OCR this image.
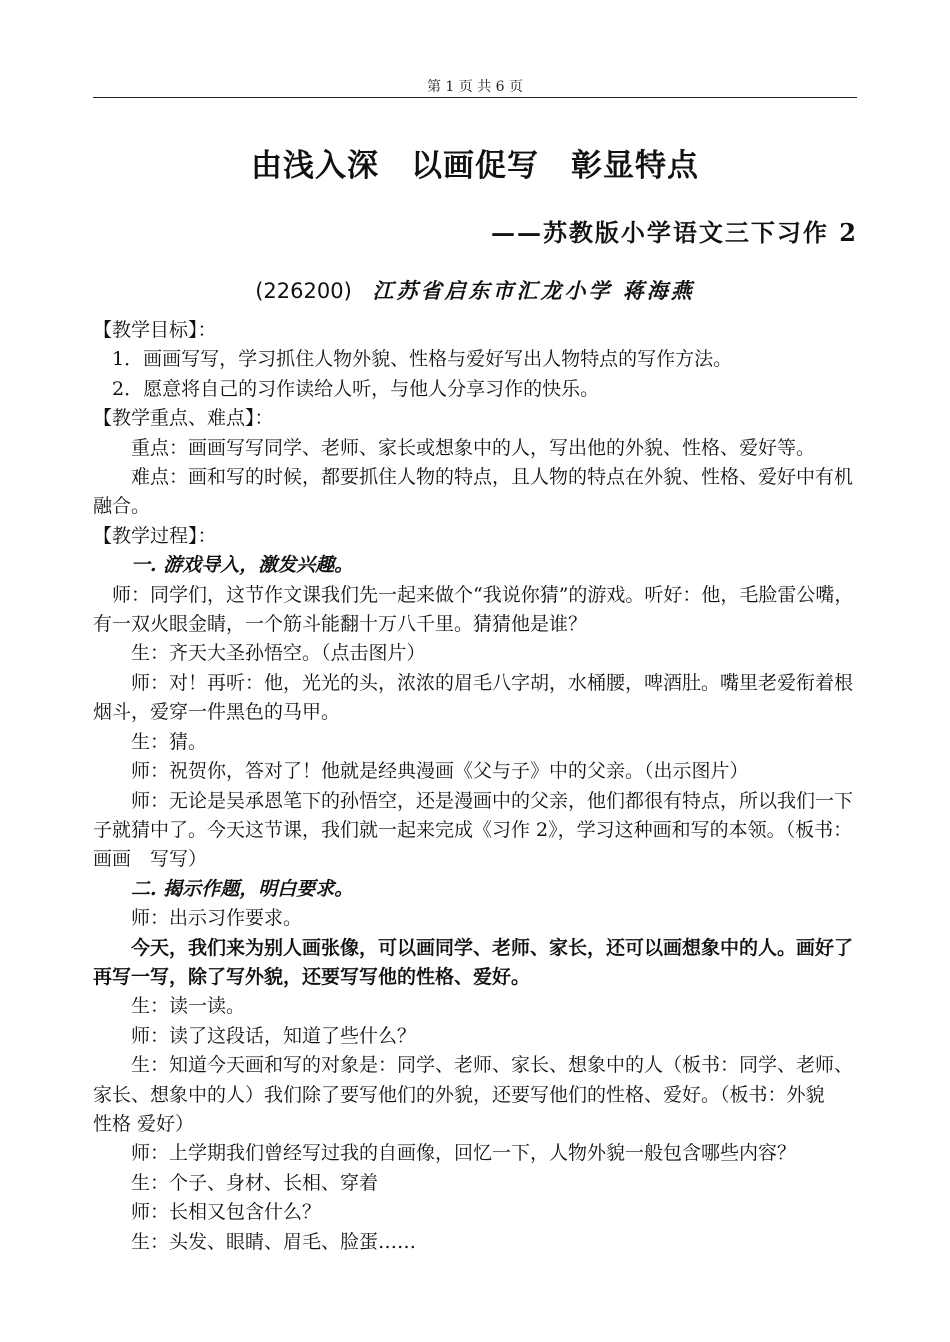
第 1 页 共 6 页
由浅入深　以画促写　彰显特点
——苏教版小学语文三下习作 2
(226200) 江苏省启东市汇龙小学 蒋海燕

【教学目标】：

1．画画写写，学习抓住人物外貌、性格与爱好写出人物特点的写作方法。

2．愿意将自己的习作读给人听，与他人分享习作的快乐。

【教学重点、难点】：

重点：画画写写同学、老师、家长或想象中的人，写出他的外貌、性格、爱好等。

难点：画和写的时候，都要抓住人物的特点，且人物的特点在外貌、性格、爱好中有机融合。

【教学过程】：

一. 游戏导入，激发兴趣。

师：同学们，这节作文课我们先一起来做个“我说你猜”的游戏。听好：他，毛脸雷公嘴，有一双火眼金睛，一个筋斗能翻十万八千里。猜猜他是谁？

生：齐天大圣孙悟空。（点击图片）

师：对！再听：他，光光的头，浓浓的眉毛八字胡，水桶腰，啤酒肚。嘴里老爱衔着根烟斗，爱穿一件黑色的马甲。

生：猜。

师：祝贺你，答对了！他就是经典漫画《父与子》中的父亲。（出示图片）

师：无论是吴承恩笔下的孙悟空，还是漫画中的父亲，他们都很有特点，所以我们一下子就猜中了。今天这节课，我们就一起来完成《习作 2》，学习这种画和写的本领。（板书：画画　写写）

二. 揭示作题，明白要求。

师：出示习作要求。

今天，我们来为别人画张像，可以画同学、老师、家长，还可以画想象中的人。画好了再写一写，除了写外貌，还要写写他的性格、爱好。

生：读一读。

师：读了这段话，知道了些什么？

生：知道今天画和写的对象是：同学、老师、家长、想象中的人（板书：同学、老师、家长、想象中的人）我们除了要写他们的外貌，还要写他们的性格、爱好。（板书：外貌　性格 爱好）

师：上学期我们曾经写过我的自画像，回忆一下，人物外貌一般包含哪些内容？

生：个子、身材、长相、穿着

师：长相又包含什么？

生：头发、眼睛、眉毛、脸蛋……
